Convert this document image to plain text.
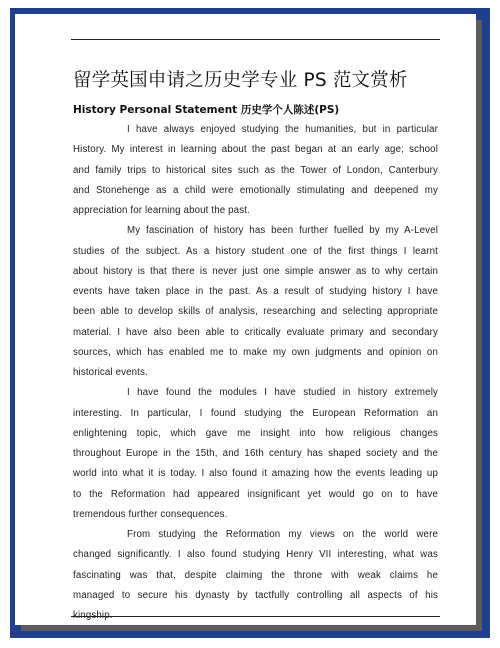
留学英国申请之历史学专业 PS 范文赏析
History Personal Statement 历史学个人陈述(PS)
I have always enjoyed studying the humanities, but in particular
History. My interest in learning about the past began at an early age; school
and family trips to historical sites such as the Tower of London, Canterbury
and Stonehenge as a child were emotionally stimulating and deepened my
appreciation for learning about the past.
My fascination of history has been further fuelled by my A-Level
studies of the subject. As a history student one of the first things I learnt
about history is that there is never just one simple answer as to why certain
events have taken place in the past. As a result of studying history I have
been able to develop skills of analysis, researching and selecting appropriate
material. I have also been able to critically evaluate primary and secondary
sources, which has enabled me to make my own judgments and opinion on
historical events.
I have found the modules I have studied in history extremely
interesting. In particular, I found studying the European Reformation an
enlightening topic, which gave me insight into how religious changes
throughout Europe in the 15th, and 16th century has shaped society and the
world into what it is today. I also found it amazing how the events leading up
to the Reformation had appeared insignificant yet would go on to have
tremendous further consequences.
From studying the Reformation my views on the world were
changed significantly. I also found studying Henry VII interesting, what was
fascinating was that, despite claiming the throne with weak claims he
managed to secure his dynasty by tactfully controlling all aspects of his
